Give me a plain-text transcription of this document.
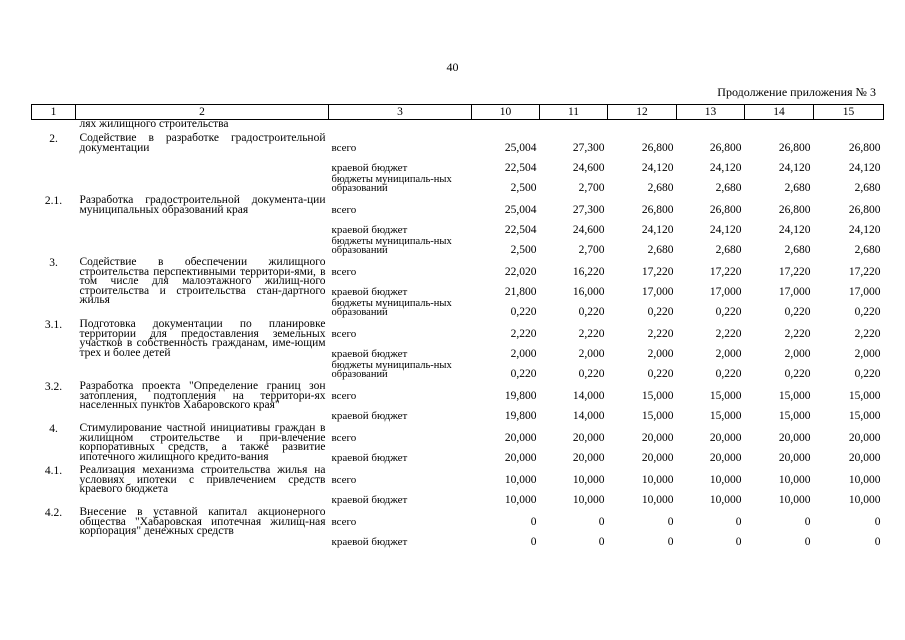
40
Продолжение приложения № 3
1	2	3	10	11	12	13	14	15
	лях жилищного строительства							
2.	Содействие в разработке градостроительной документации	всего	25,004	27,300	26,800	26,800	26,800	26,800
		краевой бюджет	22,504	24,600	24,120	24,120	24,120	24,120
		бюджеты муниципаль-ных образований	2,500	2,700	2,680	2,680	2,680	2,680
2.1.	Разработка градостроительной документа-ции муниципальных образований края	всего	25,004	27,300	26,800	26,800	26,800	26,800
		краевой бюджет	22,504	24,600	24,120	24,120	24,120	24,120
		бюджеты муниципаль-ных образований	2,500	2,700	2,680	2,680	2,680	2,680
3.	Содействие в обеспечении жилищного строительства перспективными территори-ями, в том числе для малоэтажного жилищ-ного строительства и строительства стан-дартного жилья	всего	22,020	16,220	17,220	17,220	17,220	17,220
		краевой бюджет	21,800	16,000	17,000	17,000	17,000	17,000
		бюджеты муниципаль-ных образований	0,220	0,220	0,220	0,220	0,220	0,220
3.1.	Подготовка документации по планировке территории для предоставления земельных участков в собственность гражданам, име-ющим трех и более детей	всего	2,220	2,220	2,220	2,220	2,220	2,220
		краевой бюджет	2,000	2,000	2,000	2,000	2,000	2,000
		бюджеты муниципаль-ных образований	0,220	0,220	0,220	0,220	0,220	0,220
3.2.	Разработка проекта "Определение границ зон затопления, подтопления на территори-ях населенных пунктов Хабаровского края"	всего	19,800	14,000	15,000	15,000	15,000	15,000
		краевой бюджет	19,800	14,000	15,000	15,000	15,000	15,000
4.	Стимулирование частной инициативы граждан в жилищном строительстве и при-влечение корпоративных средств, а также развитие ипотечного жилищного кредито-вания	всего	20,000	20,000	20,000	20,000	20,000	20,000
		краевой бюджет	20,000	20,000	20,000	20,000	20,000	20,000
4.1.	Реализация механизма строительства жилья на условиях ипотеки с привлечением средств краевого бюджета	всего	10,000	10,000	10,000	10,000	10,000	10,000
		краевой бюджет	10,000	10,000	10,000	10,000	10,000	10,000
4.2.	Внесение в уставной капитал акционерного общества "Хабаровская ипотечная жилищ-ная корпорация" денежных средств	всего	0	0	0	0	0	0
		краевой бюджет	0	0	0	0	0	0
